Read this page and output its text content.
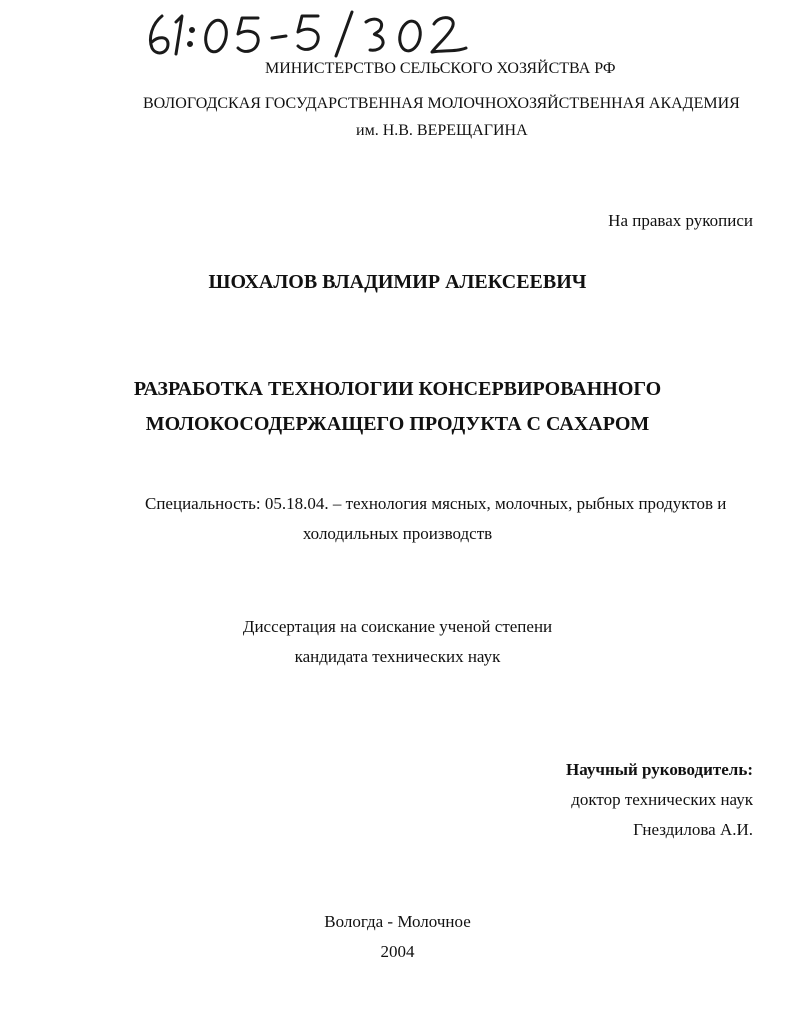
МИНИСТЕРСТВО СЕЛЬСКОГО ХОЗЯЙСТВА РФ
ВОЛОГОДСКАЯ ГОСУДАРСТВЕННАЯ МОЛОЧНОХОЗЯЙСТВЕННАЯ АКАДЕМИЯ
им. Н.В. ВЕРЕЩАГИНА
На правах рукописи
ШОХАЛОВ ВЛАДИМИР АЛЕКСЕЕВИЧ
РАЗРАБОТКА ТЕХНОЛОГИИ КОНСЕРВИРОВАННОГО
МОЛОКОСОДЕРЖАЩЕГО ПРОДУКТА С САХАРОМ
Специальность: 05.18.04. – технология мясных, молочных, рыбных продуктов и
холодильных производств
Диссертация на соискание ученой степени
кандидата технических наук
Научный руководитель:
доктор технических наук
Гнездилова А.И.
Вологда - Молочное
2004
